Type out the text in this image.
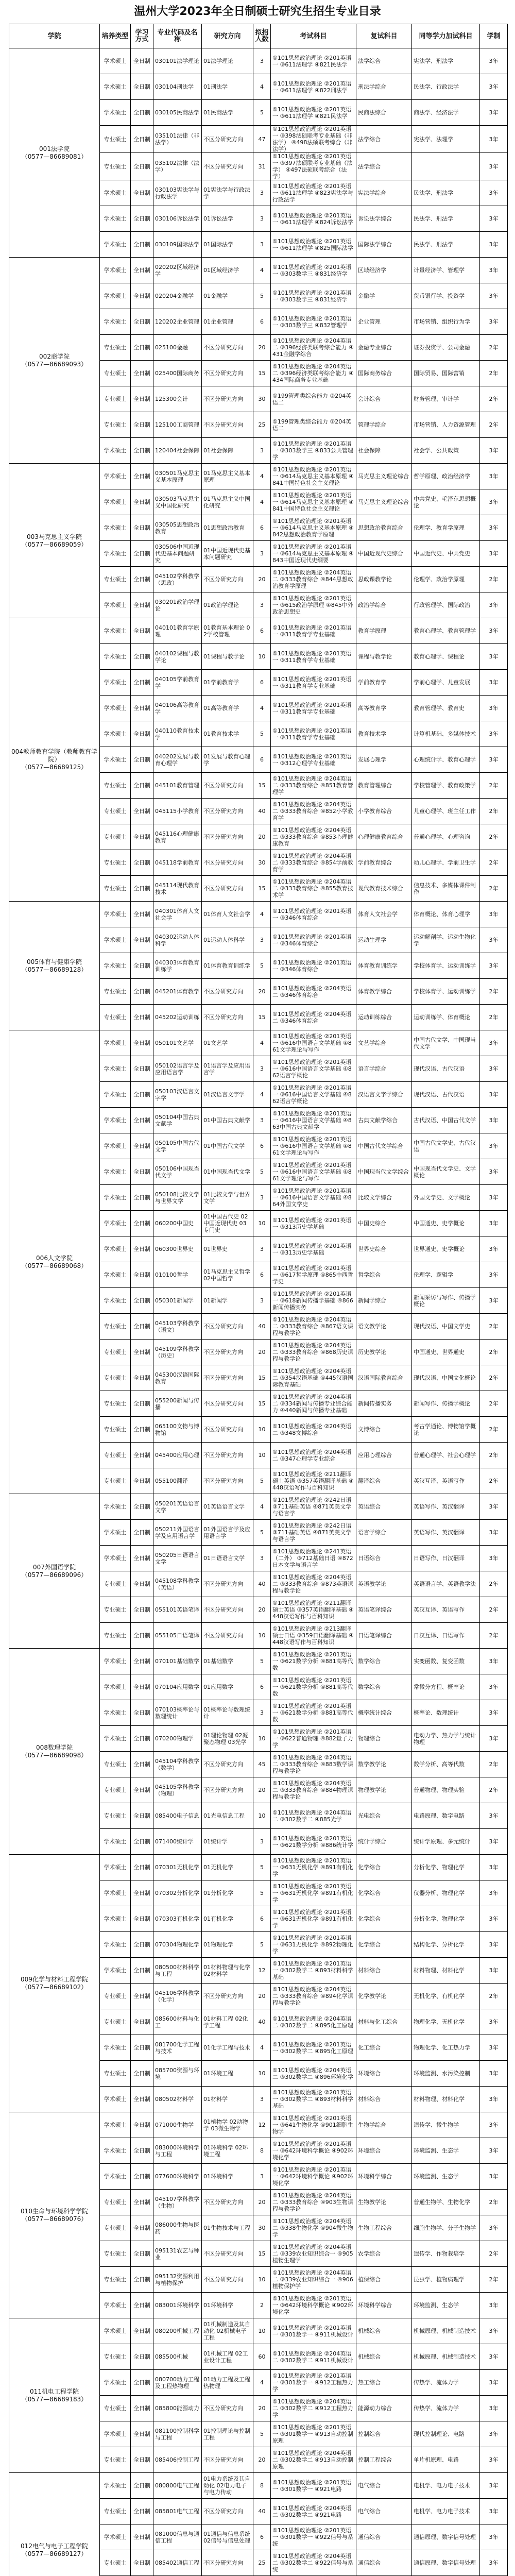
温州大学2023年全日制硕士研究生招生专业目录
学院	培养类型	学习方式	专业代码及名称	研究方向	拟招人数	考试科目	复试科目	同等学力加试科目	学制

001法学院
（0577—86689081）	学术硕士	全日制	030101法学理论	01法学理论	3	①101思想政治理论 ②201英语一 ③611法理学 ④821民法学	法学综合	宪法学、刑法学	3年
	学术硕士	全日制	030104刑法学	01刑法学	4	①101思想政治理论 ②201英语一 ③611法理学 ④822刑法学	刑法学综合	民法学、行政法学	3年
	学术硕士	全日制	030105民商法学	01民商法学	5	①101思想政治理论 ②201英语一 ③611法理学 ④821民法学	民商法综合	商法学、经济法学	3年
	专业硕士	全日制	035101法律（非法学）	不区分研究方向	47	①101思想政治理论 ②201英语一 ③398法硕联考专业基础（非法学） ④498法硕联考综合（非法学）	法学综合	宪法学、法理学	3年
	专业硕士	全日制	035102法律（法学）	不区分研究方向	31	①101思想政治理论 ②201英语一 ③397法硕联考专业基础（法学） ④497法硕联考综合（法学）	法学综合		3年
	学术硕士	全日制	030103宪法学与行政法学	01宪法学与行政法学	3	①101思想政治理论 ②201英语一 ③611法理学 ④823宪法学与行政法学	宪法学综合	民法学、刑法学	3年
	学术硕士	全日制	030106诉讼法学	01诉讼法学	3	①101思想政治理论 ②201英语一 ③611法理学 ④824诉讼法学	诉讼法学综合	民法学、刑法学	3年
	学术硕士	全日制	030109国际法学	01国际法学	3	①101思想政治理论 ②201英语一 ③611法理学 ④825国际法学	国际法学综合	民法学、刑法学	3年

002商学院
（0577—86689093）	学术硕士	全日制	020202区域经济学	01区域经济学	4	①101思想政治理论 ②201英语一 ③303数学三 ④831经济学	区域经济学	计量经济学、管理学	3年
	学术硕士	全日制	020204金融学	01金融学	5	①101思想政治理论 ②201英语一 ③303数学三 ④831经济学	金融学	货币银行学、投资学	3年
	学术硕士	全日制	120202企业管理	01企业管理	6	①101思想政治理论 ②201英语一 ③303数学三 ④832管理学	企业管理	市场营销、组织行为学	3年
	专业硕士	全日制	025100金融	不区分研究方向	20	①101思想政治理论 ②204英语二 ③396经济类联考综合能力 ④431金融学综合	金融专业综合	证券投资学、公司金融	2年
	专业硕士	全日制	025400国际商务	不区分研究方向	15	①101思想政治理论 ②204英语二 ③396经济类联考综合能力 ④434国际商务专业基础	国际商务综合	国际贸易、国际营销	2年
	专业硕士	全日制	125300会计	不区分研究方向	30	①199管理类综合能力 ②204英语二	会计综合	财务管理、审计学	2年
	专业硕士	全日制	125100工商管理	不区分研究方向	25	①199管理类综合能力 ②204英语二	管理学综合	市场营销、人力资源管理	2年
	学术硕士	全日制	120404社会保障	01社会保障	3	①101思想政治理论 ②201英语一 ③303数学三 ④833公共管理学	社会保障	社会学、公共政策	3年

003马克思主义学院
（0577—86689059）	学术硕士	全日制	030501马克思主义基本原理	01马克思主义基本原理	4	①101思想政治理论 ②201英语一 ③614马克思主义基本原理 ④841中国特色社会主义理论	马克思主义理论综合	哲学原理、政治经济学	3年
	学术硕士	全日制	030503马克思主义中国化研究	01马克思主义中国化研究	4	①101思想政治理论 ②201英语一 ③614马克思主义基本原理 ④841中国特色社会主义理论	马克思主义理论综合	中共党史、毛泽东思想概论	3年
	学术硕士	全日制	030505思想政治教育	01思想政治教育	6	①101思想政治理论 ②201英语一 ③614马克思主义基本原理 ④842思想政治教育学原理	思想政治教育综合	伦理学、教育学原理	3年
	学术硕士	全日制	030506中国近现代史基本问题研究	01中国近现代史基本问题研究	3	①101思想政治理论 ②201英语一 ③614马克思主义基本原理 ④843中国近现代史纲要	中国近现代史综合	中国近代史、中共党史	3年
	专业硕士	全日制	045102学科教学（思政）	不区分研究方向	20	①101思想政治理论 ②204英语二 ③333教育综合 ④844思想政治教育学原理	思政课教学论	伦理学、政治学原理	2年
	学术硕士	全日制	030201政治学理论	01政治学理论	3	①101思想政治理论 ②201英语一 ③615政治学原理 ④845中外政治思想史	政治学综合	行政管理学、国际政治	3年

004教师教育学院（教师教育学院）
（0577—86689125）	学术硕士	全日制	040101教育学原理	01教育基本理论 02学校管理	6	①101思想政治理论 ②201英语一 ③311教育学专业基础	教育学原理	教育心理学、教育管理学	3年
	学术硕士	全日制	040102课程与教学论	01课程与教学论	10	①101思想政治理论 ②201英语一 ③311教育学专业基础	课程与教学论	教育心理学、课程论	3年
	学术硕士	全日制	040105学前教育学	01学前教育学	6	①101思想政治理论 ②201英语一 ③311教育学专业基础	学前教育学	学前心理学、儿童发展	3年
	学术硕士	全日制	040106高等教育学	01高等教育学	4	①101思想政治理论 ②201英语一 ③311教育学专业基础	高等教育学	教育管理学、教育史	3年
	学术硕士	全日制	040110教育技术学	01教育技术学	5	①101思想政治理论 ②201英语一 ③311教育学专业基础	教育技术学	计算机基础、多媒体技术	3年
	学术硕士	全日制	040202发展与教育心理学	01发展与教育心理学	6	①101思想政治理论 ②201英语一 ③312心理学专业基础	发展心理学	心理统计学、教育心理学	3年
	专业硕士	全日制	045101教育管理	不区分研究方向	15	①101思想政治理论 ②204英语二 ③333教育综合 ④851教育管理学	教育管理综合	学校管理学、教育政策学	2年
	专业硕士	全日制	045115小学教育	不区分研究方向	40	①101思想政治理论 ②204英语二 ③333教育综合 ④852小学教育学	小学教育综合	儿童心理学、班主任工作	2年
	专业硕士	全日制	045116心理健康教育	不区分研究方向	20	①101思想政治理论 ②204英语二 ③333教育综合 ④853心理健康教育	心理健康教育综合	普通心理学、心理咨询	2年
	专业硕士	全日制	045118学前教育	不区分研究方向	30	①101思想政治理论 ②204英语二 ③333教育综合 ④854学前教育学	学前教育综合	幼儿心理学、学前卫生学	2年
	专业硕士	全日制	045114现代教育技术	不区分研究方向	15	①101思想政治理论 ②204英语二 ③333教育综合 ④855教育技术学	现代教育技术综合	信息技术、多媒体课件制作	2年

005体育与健康学院
（0577—86689128）	学术硕士	全日制	040301体育人文社会学	01体育人文社会学	4	①101思想政治理论 ②201英语一 ③346体育综合	体育人文社会学	体育概论、体育心理学	3年
	学术硕士	全日制	040302运动人体科学	01运动人体科学	3	①101思想政治理论 ②201英语一 ③346体育综合	运动生理学	运动解剖学、运动生物化学	3年
	学术硕士	全日制	040303体育教育训练学	01体育教育训练学	5	①101思想政治理论 ②201英语一 ③346体育综合	体育教育训练学	学校体育学、运动训练学	3年
	专业硕士	全日制	045201体育教学	不区分研究方向	20	①101思想政治理论 ②204英语二 ③346体育综合	体育教学综合	学校体育学、运动训练学	2年
	专业硕士	全日制	045202运动训练	不区分研究方向	15	①101思想政治理论 ②204英语二 ③346体育综合	运动训练综合	运动训练学、体育概论	2年

006人文学院
（0577—86689068）	学术硕士	全日制	050101文艺学	01文艺学	4	①101思想政治理论 ②201英语一 ③616中国语言文学基础 ④861文学理论与写作	文艺学综合	中国古代文学、中国现当代文学	3年
	学术硕士	全日制	050102语言学及应用语言学	01语言学及应用语言学	3	①101思想政治理论 ②201英语一 ③616中国语言文学基础 ④862语言学概论	语言学综合	现代汉语、古代汉语	3年
	学术硕士	全日制	050103汉语言文字学	01汉语言文字学	4	①101思想政治理论 ②201英语一 ③616中国语言文学基础 ④862语言学概论	汉语言文字学综合	现代汉语、古代汉语	3年
	学术硕士	全日制	050104中国古典文献学	01中国古典文献学	3	①101思想政治理论 ②201英语一 ③616中国语言文学基础 ④863中国古典文献学	古典文献学综合	古代汉语、中国古代文学	3年
	学术硕士	全日制	050105中国古代文学	01中国古代文学	6	①101思想政治理论 ②201英语一 ③616中国语言文学基础 ④861文学理论与写作	中国古代文学综合	中国古代文学史、古代汉语	3年
	学术硕士	全日制	050106中国现当代文学	01中国现当代文学	5	①101思想政治理论 ②201英语一 ③616中国语言文学基础 ④861文学理论与写作	中国现当代文学综合	中国现当代文学史、文学概论	3年
	学术硕士	全日制	050108比较文学与世界文学	01比较文学与世界文学	3	①101思想政治理论 ②201英语一 ③616中国语言文学基础 ④864外国文学史	比较文学综合	外国文学史、文学概论	3年
	学术硕士	全日制	060200中国史	01中国古代史 02中国近现代史 03专门史	10	①101思想政治理论 ②201英语一 ③313历史学基础	中国史综合	中国通史、史学概论	3年
	学术硕士	全日制	060300世界史	01世界史	3	①101思想政治理论 ②201英语一 ③313历史学基础	世界史综合	世界通史、史学概论	3年
	学术硕士	全日制	010100哲学	01马克思主义哲学 02中国哲学	6	①101思想政治理论 ②201英语一 ③617哲学原理 ④865中西哲学史	哲学综合	伦理学、逻辑学	3年
	学术硕士	全日制	050301新闻学	01新闻学	3	①101思想政治理论 ②201英语一 ③618新闻传播学基础 ④866新闻传播实务	新闻学综合	新闻采访与写作、传播学概论	3年
	专业硕士	全日制	045103学科教学（语文）	不区分研究方向	40	①101思想政治理论 ②204英语二 ③333教育综合 ④867语文课程与教学论	语文教学论	现代汉语、中国文学史	2年
	专业硕士	全日制	045109学科教学（历史）	不区分研究方向	20	①101思想政治理论 ②204英语二 ③333教育综合 ④868历史课程与教学论	历史教学论	中国通史、世界通史	2年
	专业硕士	全日制	045300汉语国际教育	不区分研究方向	15	①101思想政治理论 ②204英语二 ③354汉语基础 ④445汉语国际教育基础	汉语国际教育综合	现代汉语、中国文化概论	2年
	专业硕士	全日制	055200新闻与传播	不区分研究方向	15	①101思想政治理论 ②204英语二 ③334新闻与传播专业综合能力 ④440新闻与传播专业基础	新闻传播实务	新闻写作、传播学概论	2年
	专业硕士	全日制	065100文物与博物馆	不区分研究方向	10	①101思想政治理论 ②204英语二 ③348文博综合	文博综合	考古学通论、博物馆学概论	2年
	专业硕士	全日制	045400应用心理	不区分研究方向	10	①101思想政治理论 ②204英语二 ③347心理学专业综合	应用心理综合	普通心理学、社会心理学	2年
	专业硕士	全日制	055100翻译	不区分研究方向	5	①101思想政治理论 ②211翻译硕士英语 ③357英语翻译基础 ④448汉语写作与百科知识	翻译综合	英汉互译、英语写作	2年

007外国语学院
（0577—86689096）	学术硕士	全日制	050201英语语言文学	01英语语言文学	4	①101思想政治理论 ②242日语 ③711基础英语 ④871英美文学与语言学	英语综合	英语写作、英汉翻译	3年
	学术硕士	全日制	050211外国语言学及应用语言学	01外国语言学及应用语言学	5	①101思想政治理论 ②242日语 ③711基础英语 ④871英美文学与语言学	语言学综合	英语写作、英汉翻译	3年
	学术硕士	全日制	050205日语语言文学	01日语语言文学	3	①101思想政治理论 ②241英语（二外） ③712基础日语 ④872日本文学与语言学	日语综合	日语写作、日汉翻译	3年
	专业硕士	全日制	045108学科教学（英语）	不区分研究方向	40	①101思想政治理论 ②204英语二 ③333教育综合 ④873英语课程与教学论	英语教学论	英语语言学、英语教学法	2年
	专业硕士	全日制	055101英语笔译	不区分研究方向	20	①101思想政治理论 ②211翻译硕士英语 ③357英语翻译基础 ④448汉语写作与百科知识	英语笔译综合	英汉互译、英语写作	2年
	专业硕士	全日制	055105日语笔译	不区分研究方向	10	①101思想政治理论 ②213翻译硕士日语 ③359日语翻译基础 ④448汉语写作与百科知识	日语笔译综合	日汉互译、日语写作	2年

008数理学院
（0577—86689098）	学术硕士	全日制	070101基础数学	01基础数学	5	①101思想政治理论 ②201英语一 ③621数学分析 ④881高等代数	数学综合	实变函数、复变函数	3年
	学术硕士	全日制	070104应用数学	01应用数学	6	①101思想政治理论 ②201英语一 ③621数学分析 ④881高等代数	数学综合	常微分方程、概率论	3年
	学术硕士	全日制	070103概率论与数理统计	01概率论与数理统计	3	①101思想政治理论 ②201英语一 ③621数学分析 ④881高等代数	概率统计综合	概率论、数理统计	3年
	学术硕士	全日制	070200物理学	01理论物理 02凝聚态物理 03光学	10	①101思想政治理论 ②201英语一 ③622普通物理 ④882量子力学	物理综合	电动力学、热力学与统计物理	3年
	专业硕士	全日制	045104学科教学（数学）	不区分研究方向	45	①101思想政治理论 ②204英语二 ③333教育综合 ④883数学课程与教学论	数学教学论	数学分析、高等代数	2年
	专业硕士	全日制	045105学科教学（物理）	不区分研究方向	20	①101思想政治理论 ②204英语二 ③333教育综合 ④884物理课程与教学论	物理教学论	普通物理、物理实验	2年
	专业硕士	全日制	085400电子信息	01光电信息工程	10	①101思想政治理论 ②204英语二 ③302数学二 ④885光学	光电综合	电路原理、数字电路	3年
	学术硕士	全日制	071400统计学	01统计学	3	①101思想政治理论 ②201英语一 ③621数学分析 ④886统计学	统计学综合	统计学原理、多元统计	3年

009化学与材料工程学院
（0577—86689102）	学术硕士	全日制	070301无机化学	01无机化学	5	①101思想政治理论 ②201英语一 ③631无机化学 ④891有机化学	化学综合	分析化学、物理化学	3年
	学术硕士	全日制	070302分析化学	01分析化学	5	①101思想政治理论 ②201英语一 ③631无机化学 ④891有机化学	化学综合	仪器分析、物理化学	3年
	学术硕士	全日制	070303有机化学	01有机化学	6	①101思想政治理论 ②201英语一 ③631无机化学 ④891有机化学	化学综合	分析化学、物理化学	3年
	学术硕士	全日制	070304物理化学	01物理化学	5	①101思想政治理论 ②201英语一 ③631无机化学 ④892物理化学	化学综合	结构化学、分析化学	3年
	学术硕士	全日制	080500材料科学与工程	01材料物理与化学 02材料学	12	①101思想政治理论 ②201英语一 ③302数学二 ④893材料科学基础	材料综合	材料物理、材料化学	3年
	专业硕士	全日制	045106学科教学（化学）	不区分研究方向	20	①101思想政治理论 ②204英语二 ③333教育综合 ④894化学课程与教学论	化学教学论	无机化学、有机化学	2年
	专业硕士	全日制	085600材料与化工	01材料工程 02化学工程	40	①101思想政治理论 ②204英语二 ③302数学二 ④895化工原理	材料与化工综合	物理化学、无机化学	3年
	学术硕士	全日制	081700化学工程与技术	01化学工程与技术	4	①101思想政治理论 ②201英语一 ③302数学二 ④895化工原理	化工综合	物理化学、化工热力学	3年
	专业硕士	全日制	085700资源与环境	01环境工程	10	①101思想政治理论 ②204英语二 ③302数学二 ④896环境化学	环境综合	环境监测、水污染控制	3年
	学术硕士	全日制	080502材料学	01材料学	3	①101思想政治理论 ②201英语一 ③302数学二 ④893材料科学基础	材料综合	材料物理、材料化学	3年

010生命与环境科学学院
（0577—86689076）	学术硕士	全日制	071000生物学	01植物学 02动物学 03微生物学	12	①101思想政治理论 ②201英语一 ③641生物化学 ④901细胞生物学	生物学综合	遗传学、微生物学	3年
	学术硕士	全日制	083000环境科学与工程	01环境科学 02环境工程	8	①101思想政治理论 ②201英语一 ③642环境科学概论 ④902环境化学	环境综合	环境监测、生态学	3年
	学术硕士	全日制	077600环境科学	01环境科学	3	①101思想政治理论 ②201英语一 ③642环境科学概论 ④902环境化学	环境科学综合	环境监测、生态学	3年
	专业硕士	全日制	045107学科教学（生物）	不区分研究方向	20	①101思想政治理论 ②204英语二 ③333教育综合 ④903生物课程与教学论	生物教学论	普通生物学、生物化学	2年
	专业硕士	全日制	086000生物与医药	01生物技术与工程	30	①101思想政治理论 ②204英语二 ③338生物化学 ④904微生物学	生物工程综合	细胞生物学、分子生物学	3年
	专业硕士	全日制	095131农艺与种业	不区分研究方向	15	①101思想政治理论 ②204英语二 ③339农业知识综合一 ④905植物生理学	农学综合	遗传学、作物栽培学	2年
	专业硕士	全日制	095132资源利用与植物保护	不区分研究方向	10	①101思想政治理论 ②204英语二 ③339农业知识综合一 ④906植物保护学	植保综合	昆虫学、植物病理学	2年
	学术硕士	全日制	083001环境科学	01环境科学	2	①101思想政治理论 ②201英语一 ③642环境科学概论 ④902环境化学	环境科学综合	环境监测、生态学	3年

011机电工程学院
（0577—86689183）	学术硕士	全日制	080200机械工程	01机械制造及其自动化 02机械电子工程	10	①101思想政治理论 ②201英语一 ③301数学一 ④911机械设计	机械综合	机械原理、机械制造技术	3年
	专业硕士	全日制	085500机械	01机械工程 02工业设计工程	60	①101思想政治理论 ②204英语二 ③302数学二 ④911机械设计	机械综合	机械原理、机械制造技术	3年
	学术硕士	全日制	080700动力工程及工程热物理	01动力工程及工程热物理	4	①101思想政治理论 ②201英语一 ③301数学一 ④912工程热力学	热工综合	传热学、流体力学	3年
	专业硕士	全日制	085800能源动力	不区分研究方向	20	①101思想政治理论 ②204英语二 ③302数学二 ④912工程热力学	能源动力综合	传热学、流体力学	3年
	学术硕士	全日制	081100控制科学与工程	01控制理论与控制工程	5	①101思想政治理论 ②201英语一 ③301数学一 ④913自动控制原理	控制综合	现代控制理论、电路	3年
	专业硕士	全日制	085406控制工程	不区分研究方向	20	①101思想政治理论 ②204英语二 ③302数学二 ④913自动控制原理	控制工程综合	单片机原理、电路	3年

012电气与电子工程学院
（0577—86689127）	学术硕士	全日制	080800电气工程	01电力系统及其自动化 02电力电子与电力传动	8	①101思想政治理论 ②201英语一 ③301数学一 ④921电路	电气综合	电机学、电力电子技术	3年
	专业硕士	全日制	085801电气工程	不区分研究方向	40	①101思想政治理论 ②204英语二 ③302数学二 ④921电路	电气综合	电机学、电力电子技术	3年
	学术硕士	全日制	081000信息与通信工程	01通信与信息系统 02信号与信息处理	6	①101思想政治理论 ②201英语一 ③301数学一 ④922信号与系统	通信综合	通信原理、数字信号处理	3年
	专业硕士	全日制	085402通信工程	不区分研究方向	25	①101思想政治理论 ②204英语二 ③302数学二 ④922信号与系统	通信综合	通信原理、数字信号处理	3年
